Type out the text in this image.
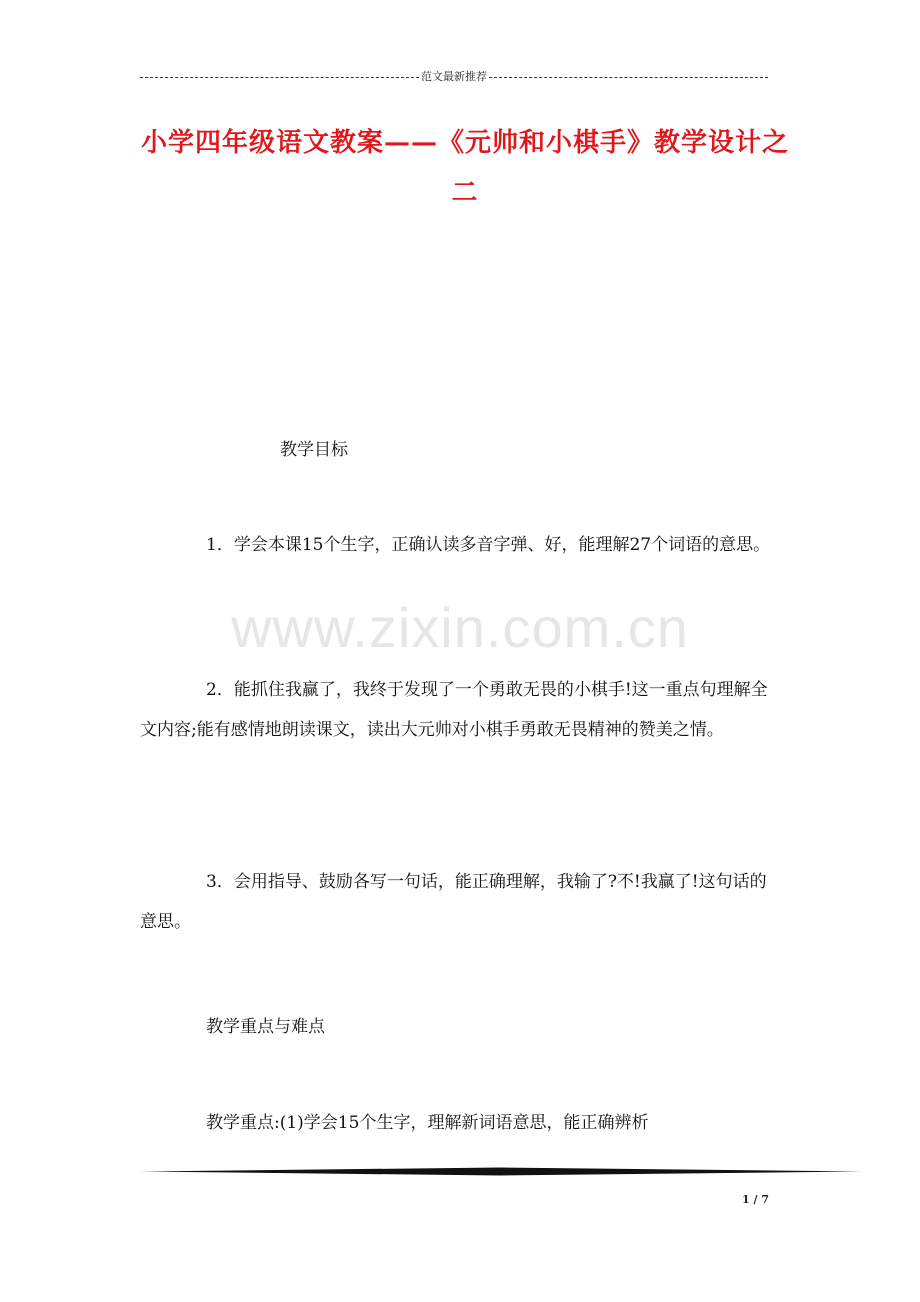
范文最新推荐
小学四年级语文教案——《元帅和小棋手》教学设计之二
www.zixin.com.cn
教学目标
1．学会本课15个生字，正确认读多音字弹、好，能理解27个词语的意思。
2．能抓住我赢了，我终于发现了一个勇敢无畏的小棋手!这一重点句理解全文内容;能有感情地朗读课文，读出大元帅对小棋手勇敢无畏精神的赞美之情。
3．会用指导、鼓励各写一句话，能正确理解，我输了?不!我赢了!这句话的意思。
教学重点与难点
教学重点:(1)学会15个生字，理解新词语意思，能正确辨析
1 / 7
